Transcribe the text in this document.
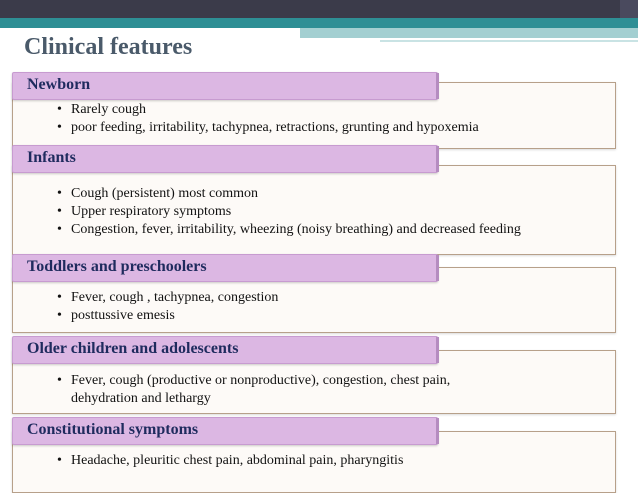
Clinical features
• Rarely cough
• poor feeding, irritability, tachypnea, retractions, grunting and hypoxemia
Newborn
• Cough (persistent) most common
• Upper respiratory symptoms
• Congestion, fever, irritability, wheezing (noisy breathing) and decreased feeding
Infants
• Fever, cough , tachypnea, congestion
• posttussive emesis
Toddlers and preschoolers
• Fever, cough (productive or nonproductive), congestion, chest pain, dehydration and lethargy
Older children and adolescents
• Headache, pleuritic chest pain, abdominal pain, pharyngitis
Constitutional symptoms
